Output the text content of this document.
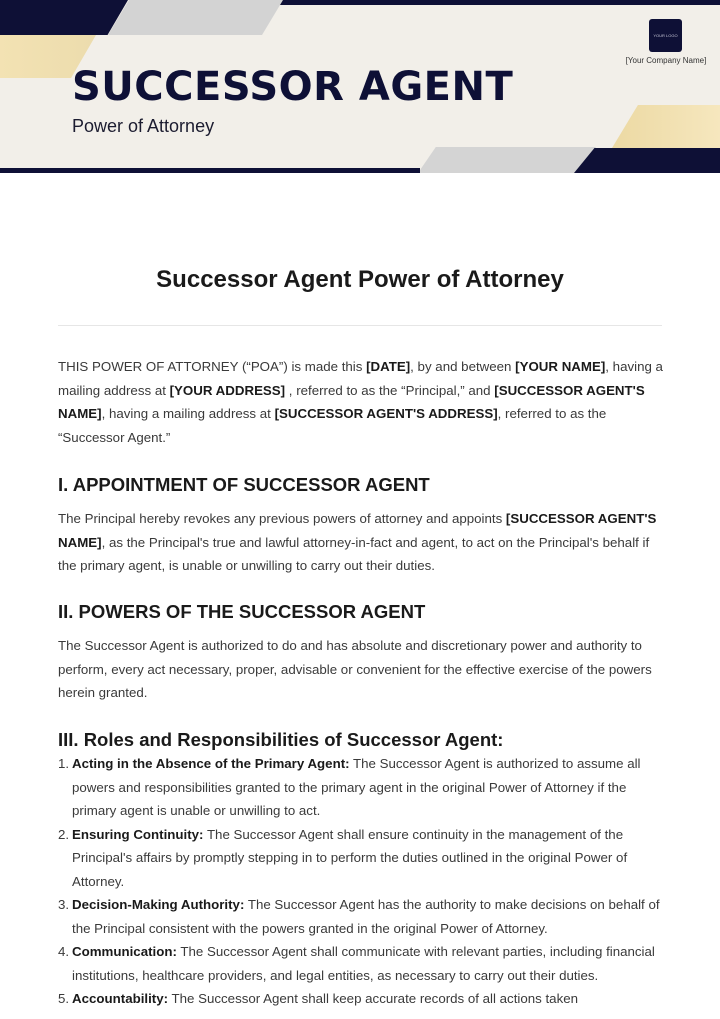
SUCCESSOR AGENT
Power of Attorney
YOUR LOGO
[Your Company Name]
Successor Agent Power of Attorney

THIS POWER OF ATTORNEY (“POA”) is made this [DATE], by and between [YOUR NAME], having a mailing address at [YOUR ADDRESS] , referred to as the “Principal,” and [SUCCESSOR AGENT'S NAME], having a mailing address at [SUCCESSOR AGENT'S ADDRESS], referred to as the “Successor Agent.”

I. APPOINTMENT OF SUCCESSOR AGENT

The Principal hereby revokes any previous powers of attorney and appoints [SUCCESSOR AGENT'S NAME], as the Principal's true and lawful attorney-in-fact and agent, to act on the Principal's behalf if the primary agent, is unable or unwilling to carry out their duties.

II. POWERS OF THE SUCCESSOR AGENT

The Successor Agent is authorized to do and has absolute and discretionary power and authority to perform, every act necessary, proper, advisable or convenient for the effective exercise of the powers herein granted.

III. Roles and Responsibilities of Successor Agent:
1. Acting in the Absence of the Primary Agent: The Successor Agent is authorized to assume all powers and responsibilities granted to the primary agent in the original Power of Attorney if the primary agent is unable or unwilling to act.
2. Ensuring Continuity: The Successor Agent shall ensure continuity in the management of the Principal's affairs by promptly stepping in to perform the duties outlined in the original Power of Attorney.
3. Decision-Making Authority: The Successor Agent has the authority to make decisions on behalf of the Principal consistent with the powers granted in the original Power of Attorney.
4. Communication: The Successor Agent shall communicate with relevant parties, including financial institutions, healthcare providers, and legal entities, as necessary to carry out their duties.
5. Accountability: The Successor Agent shall keep accurate records of all actions taken
